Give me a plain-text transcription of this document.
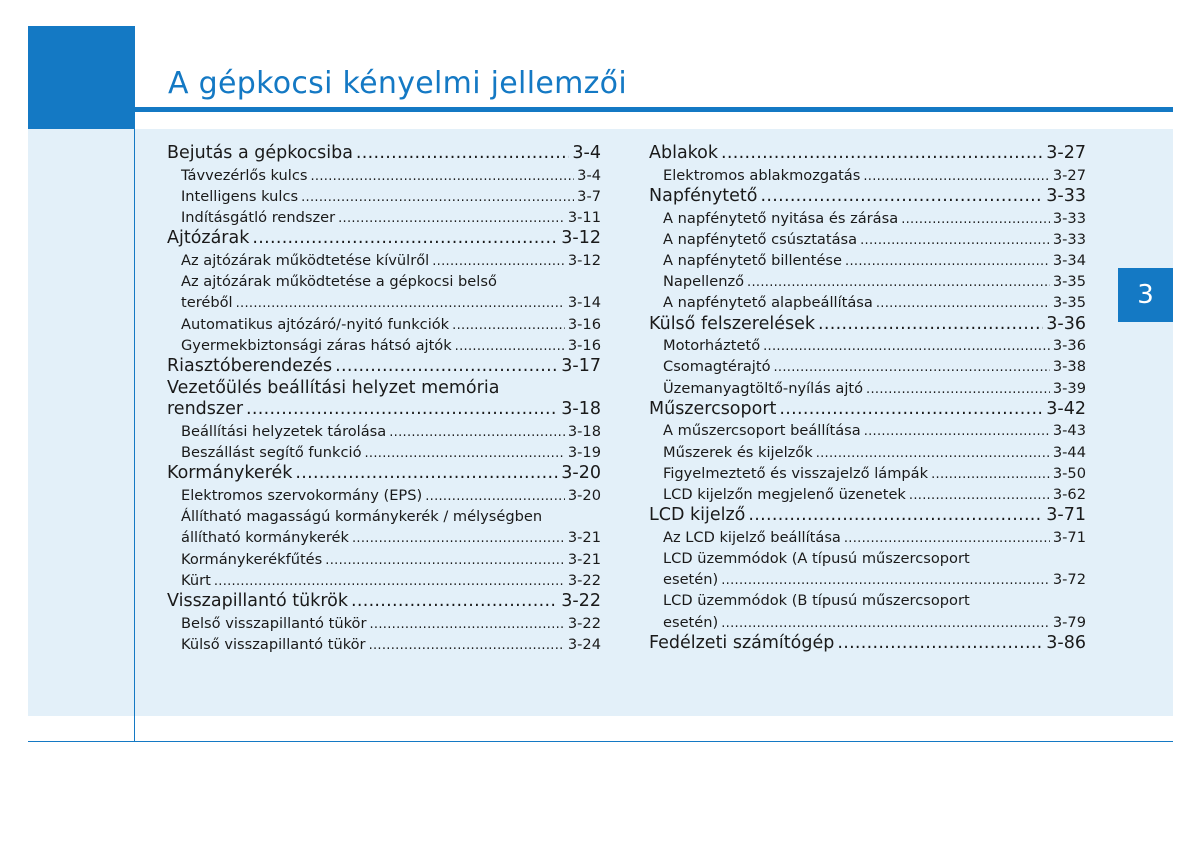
A gépkocsi kényelmi jellemzői
3
Bejutás a gépkocsiba .....	3-4
Távvezérlős kulcs .....	3-4
Intelligens kulcs .....	3-7
Indításgátló rendszer .....	3-11
Ajtózárak .....	3-12
Az ajtózárak működtetése kívülről .....	3-12
Az ajtózárak működtetése a gépkocsi belső
teréből .....	3-14
Automatikus ajtózáró/-nyitó funkciók .....	3-16
Gyermekbiztonsági záras hátsó ajtók .....	3-16
Riasztóberendezés .....	3-17
Vezetőülés beállítási helyzet memória
rendszer .....	3-18
Beállítási helyzetek tárolása .....	3-18
Beszállást segítő funkció .....	3-19
Kormánykerék .....	3-20
Elektromos szervokormány (EPS) .....	3-20
Állítható magasságú kormánykerék / mélységben
állítható kormánykerék .....	3-21
Kormánykerékfűtés .....	3-21
Kürt .....	3-22
Visszapillantó tükrök .....	3-22
Belső visszapillantó tükör .....	3-22
Külső visszapillantó tükör .....	3-24
Ablakok .....	3-27
Elektromos ablakmozgatás .....	3-27
Napfénytető .....	3-33
A napfénytető nyitása és zárása .....	3-33
A napfénytető csúsztatása .....	3-33
A napfénytető billentése .....	3-34
Napellenző .....	3-35
A napfénytető alapbeállítása .....	3-35
Külső felszerelések .....	3-36
Motorháztető .....	3-36
Csomagtérajtó .....	3-38
Üzemanyagtöltő-nyílás ajtó .....	3-39
Műszercsoport .....	3-42
A műszercsoport beállítása .....	3-43
Műszerek és kijelzők .....	3-44
Figyelmeztető és visszajelző lámpák .....	3-50
LCD kijelzőn megjelenő üzenetek .....	3-62
LCD kijelző .....	3-71
Az LCD kijelző beállítása .....	3-71
LCD üzemmódok (A típusú műszercsoport
esetén) .....	3-72
LCD üzemmódok (B típusú műszercsoport
esetén) .....	3-79
Fedélzeti számítógép .....	3-86
